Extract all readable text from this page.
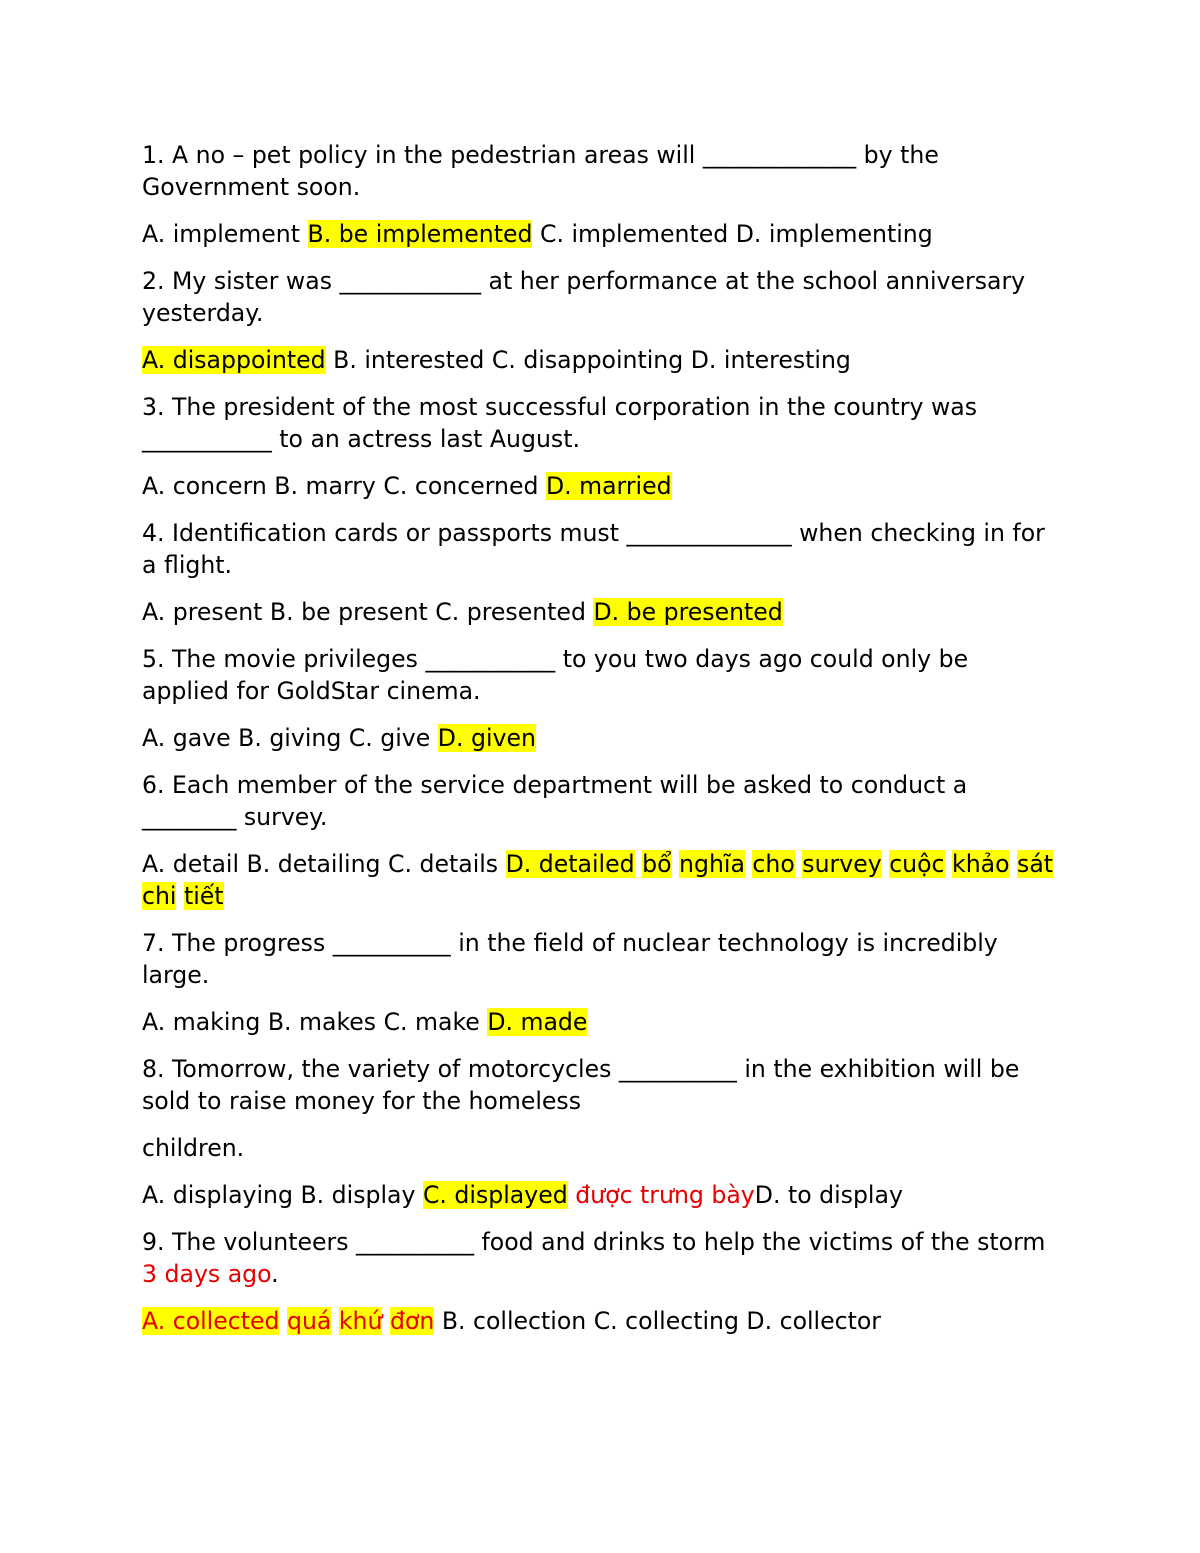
1. A no – pet policy in the pedestrian areas will _____________ by the Government soon.

A. implement B. be implemented C. implemented D. implementing

2. My sister was ____________ at her performance at the school anniversary yesterday.

A. disappointed B. interested C. disappointing D. interesting

3. The president of the most successful corporation in the country was ___________ to an actress last August.

A. concern B. marry C. concerned D. married

4. Identification cards or passports must ______________ when checking in for a flight.

A. present B. be present C. presented D. be presented

5. The movie privileges ___________ to you two days ago could only be applied for GoldStar cinema.

A. gave B. giving C. give D. given

6. Each member of the service department will be asked to conduct a ________ survey.

A. detail B. detailing C. details D. detailed bổ nghĩa cho survey cuộc khảo sát chi tiết

7. The progress __________ in the field of nuclear technology is incredibly large.

A. making B. makes C. make D. made

8. Tomorrow, the variety of motorcycles __________ in the exhibition will be sold to raise money for the homeless

children.

A. displaying B. display C. displayed được trưng bàyD. to display

9. The volunteers __________ food and drinks to help the victims of the storm 3 days ago.

A. collected quá khứ đơn B. collection C. collecting D. collector
